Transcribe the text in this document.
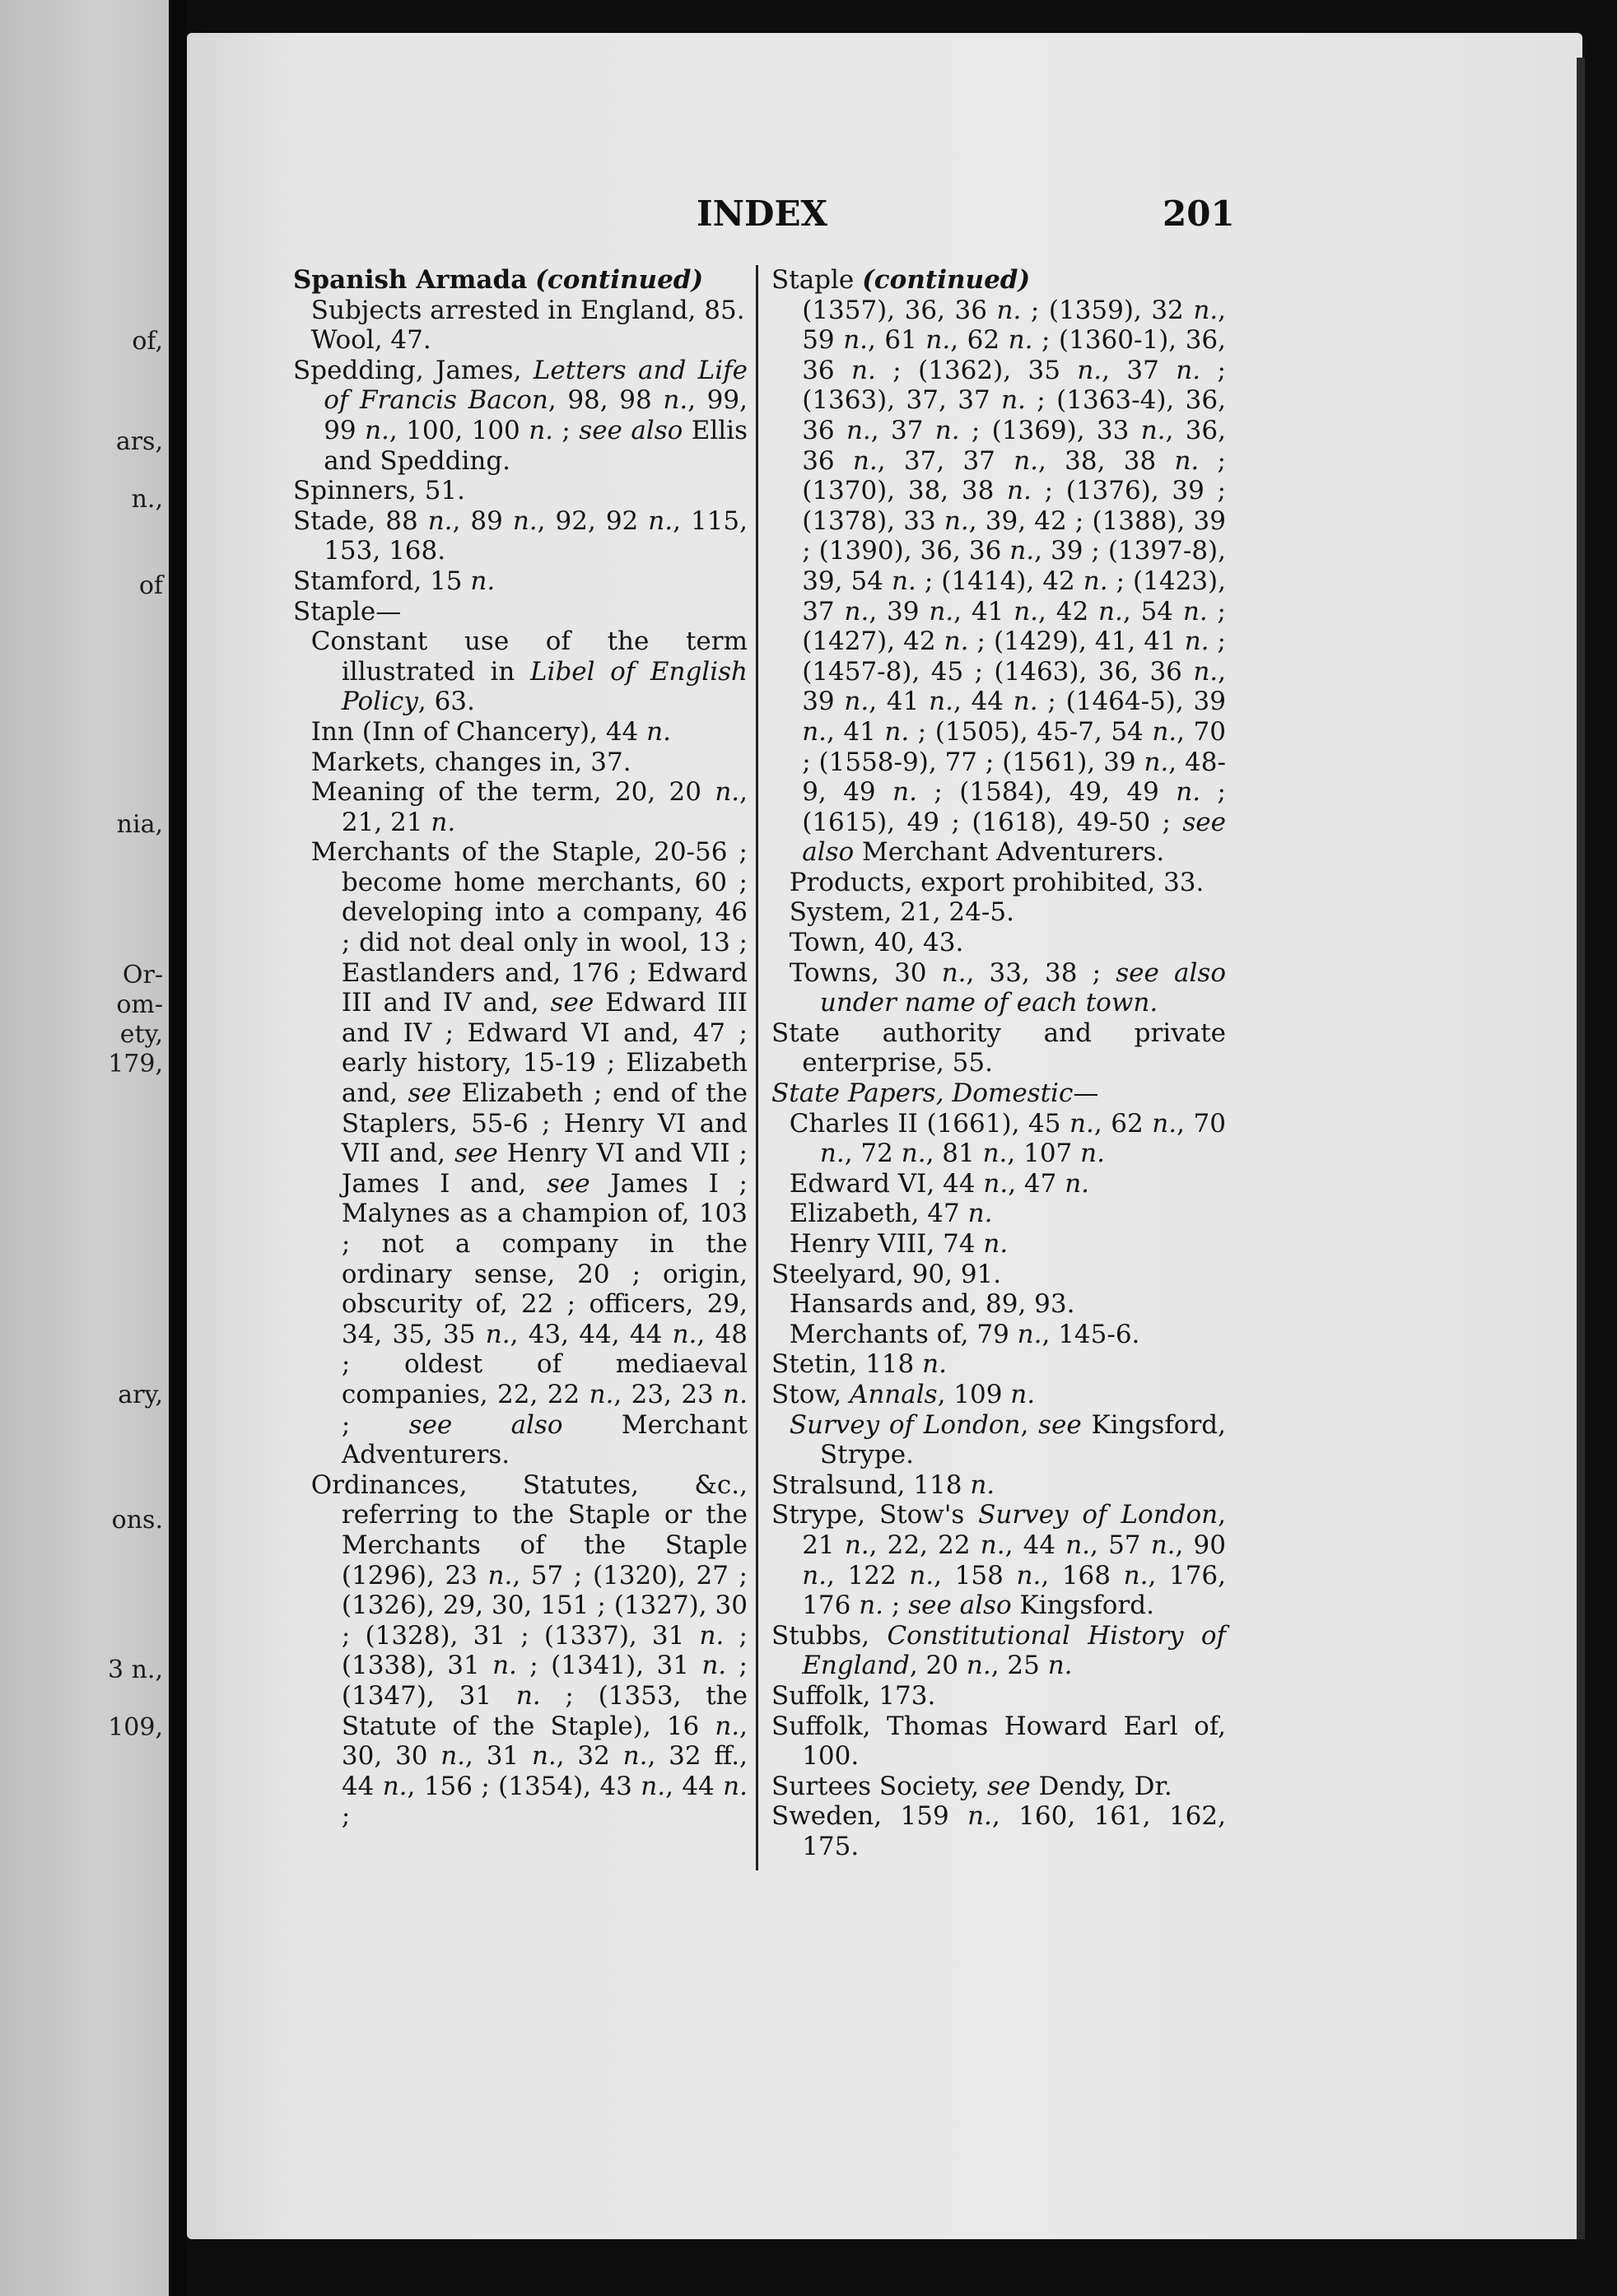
of,
ars,
n.,
of
nia,
Or-
om-
ety,
179,
ary,
ons.
3 n.,
109,
INDEX	201
Spanish Armada (continued)
Subjects arrested in England, 85.
Wool, 47.
Spedding, James, Letters and Life of Francis Bacon, 98, 98 n., 99, 99 n., 100, 100 n. ; see also Ellis and Spedding.
Spinners, 51.
Stade, 88 n., 89 n., 92, 92 n., 115, 153, 168.
Stamford, 15 n.
Staple—
Constant use of the term illustrated in Libel of English Policy, 63.
Inn (Inn of Chancery), 44 n.
Markets, changes in, 37.
Meaning of the term, 20, 20 n., 21, 21 n.
Merchants of the Staple, 20-56 ; become home merchants, 60 ; developing into a company, 46 ; did not deal only in wool, 13 ; Eastlanders and, 176 ; Edward III and IV and, see Edward III and IV ; Edward VI and, 47 ; early history, 15-19 ; Elizabeth and, see Elizabeth ; end of the Staplers, 55-6 ; Henry VI and VII and, see Henry VI and VII ; James I and, see James I ; Malynes as a champion of, 103 ; not a company in the ordinary sense, 20 ; origin, obscurity of, 22 ; officers, 29, 34, 35, 35 n., 43, 44, 44 n., 48 ; oldest of mediaeval companies, 22, 22 n., 23, 23 n. ; see also Merchant Adventurers.
Ordinances, Statutes, &c., referring to the Staple or the Merchants of the Staple (1296), 23 n., 57 ; (1320), 27 ; (1326), 29, 30, 151 ; (1327), 30 ; (1328), 31 ; (1337), 31 n. ; (1338), 31 n. ; (1341), 31 n. ; (1347), 31 n. ; (1353, the Statute of the Staple), 16 n., 30, 30 n., 31 n., 32 n., 32 ff., 44 n., 156 ; (1354), 43 n., 44 n. ;
Staple (continued)
(1357), 36, 36 n. ; (1359), 32 n., 59 n., 61 n., 62 n. ; (1360-1), 36, 36 n. ; (1362), 35 n., 37 n. ; (1363), 37, 37 n. ; (1363-4), 36, 36 n., 37 n. ; (1369), 33 n., 36, 36 n., 37, 37 n., 38, 38 n. ; (1370), 38, 38 n. ; (1376), 39 ; (1378), 33 n., 39, 42 ; (1388), 39 ; (1390), 36, 36 n., 39 ; (1397-8), 39, 54 n. ; (1414), 42 n. ; (1423), 37 n., 39 n., 41 n., 42 n., 54 n. ; (1427), 42 n. ; (1429), 41, 41 n. ; (1457-8), 45 ; (1463), 36, 36 n., 39 n., 41 n., 44 n. ; (1464-5), 39 n., 41 n. ; (1505), 45-7, 54 n., 70 ; (1558-9), 77 ; (1561), 39 n., 48-9, 49 n. ; (1584), 49, 49 n. ; (1615), 49 ; (1618), 49-50 ; see also Merchant Adventurers.
Products, export prohibited, 33.
System, 21, 24-5.
Town, 40, 43.
Towns, 30 n., 33, 38 ; see also under name of each town.
State authority and private enterprise, 55.
State Papers, Domestic—
Charles II (1661), 45 n., 62 n., 70 n., 72 n., 81 n., 107 n.
Edward VI, 44 n., 47 n.
Elizabeth, 47 n.
Henry VIII, 74 n.
Steelyard, 90, 91.
Hansards and, 89, 93.
Merchants of, 79 n., 145-6.
Stetin, 118 n.
Stow, Annals, 109 n.
Survey of London, see Kingsford, Strype.
Stralsund, 118 n.
Strype, Stow's Survey of London, 21 n., 22, 22 n., 44 n., 57 n., 90 n., 122 n., 158 n., 168 n., 176, 176 n. ; see also Kingsford.
Stubbs, Constitutional History of England, 20 n., 25 n.
Suffolk, 173.
Suffolk, Thomas Howard Earl of, 100.
Surtees Society, see Dendy, Dr.
Sweden, 159 n., 160, 161, 162, 175.
